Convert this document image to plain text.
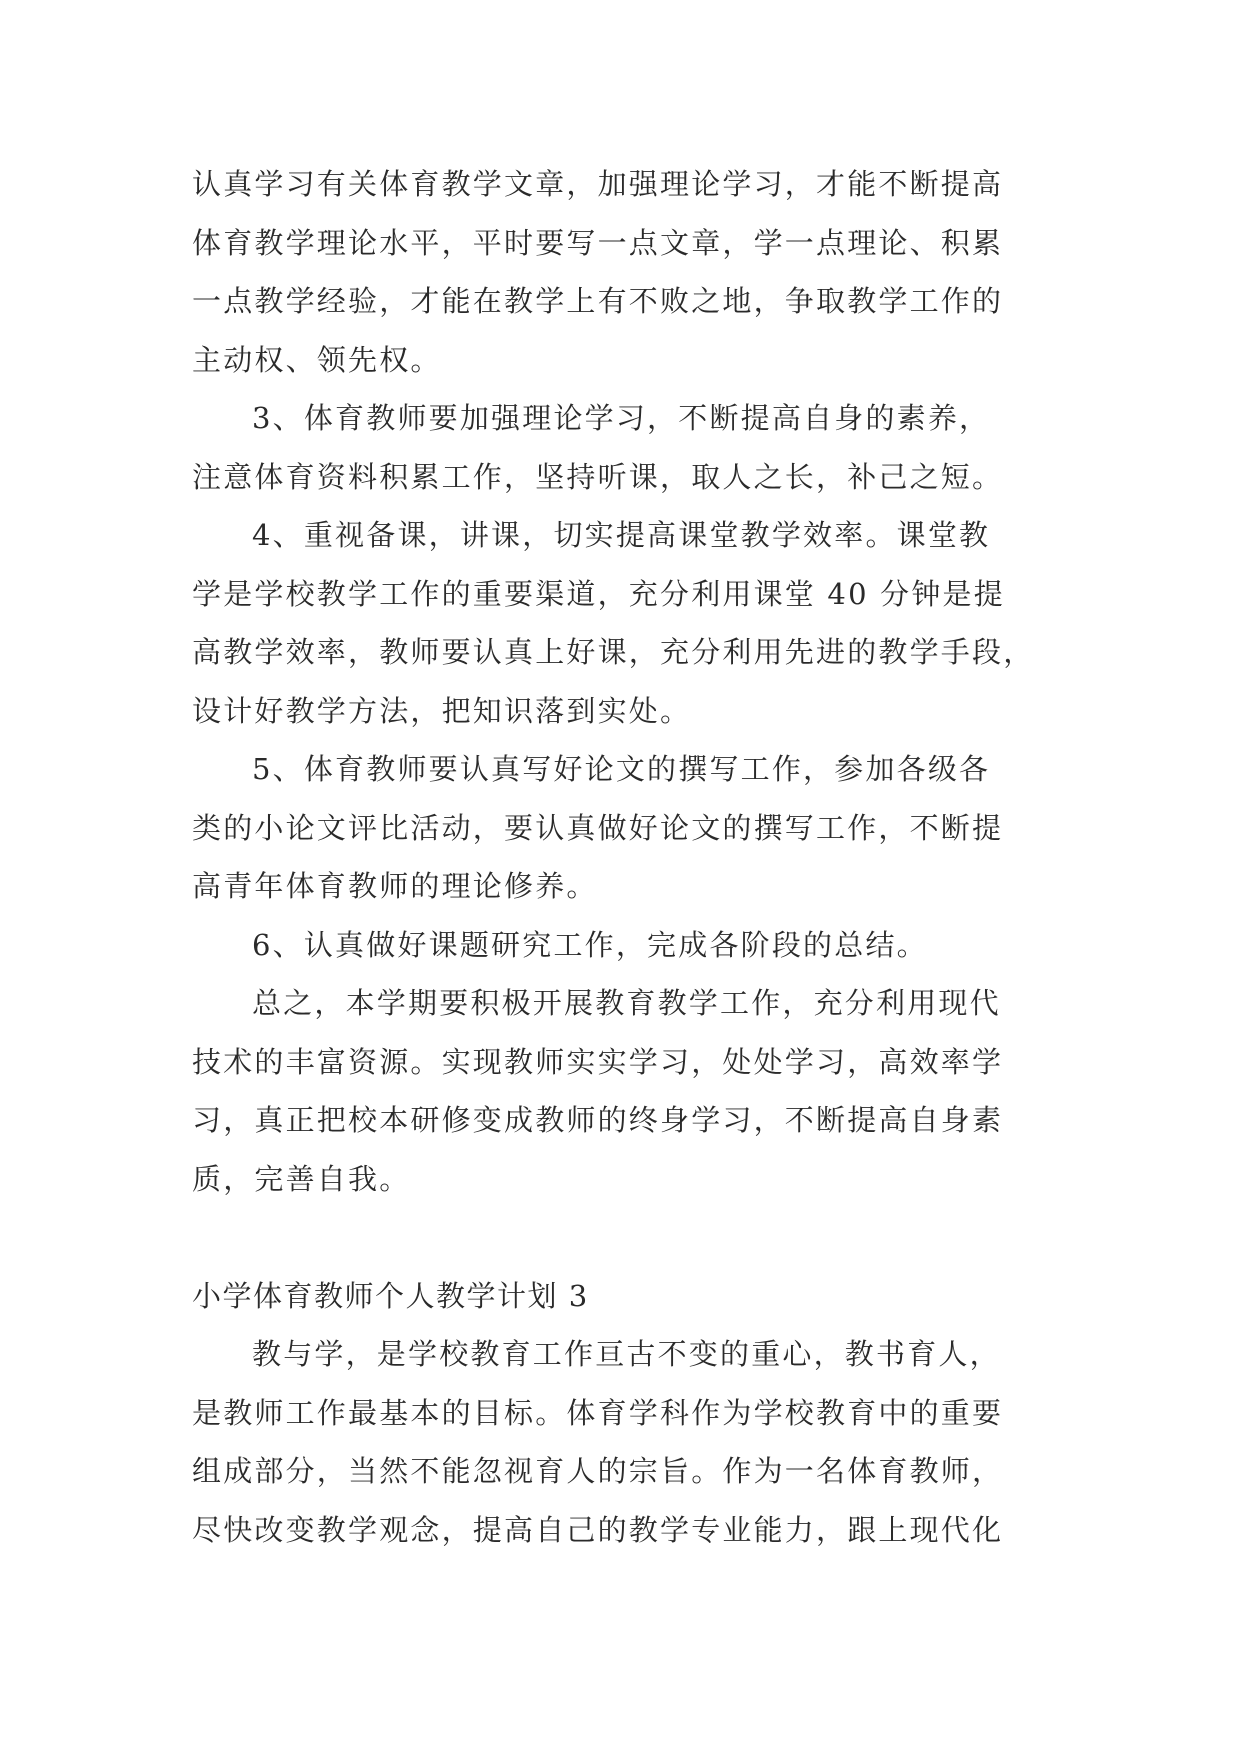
认真学习有关体育教学文章，加强理论学习，才能不断提高
体育教学理论水平，平时要写一点文章，学一点理论、积累
一点教学经验，才能在教学上有不败之地，争取教学工作的
主动权、领先权。
3、体育教师要加强理论学习，不断提高自身的素养，
注意体育资料积累工作，坚持听课，取人之长，补己之短。
4、重视备课，讲课，切实提高课堂教学效率。课堂教
学是学校教学工作的重要渠道，充分利用课堂 40 分钟是提
高教学效率，教师要认真上好课，充分利用先进的教学手段，
设计好教学方法，把知识落到实处。
5、体育教师要认真写好论文的撰写工作，参加各级各
类的小论文评比活动，要认真做好论文的撰写工作，不断提
高青年体育教师的理论修养。
6、认真做好课题研究工作，完成各阶段的总结。
总之，本学期要积极开展教育教学工作，充分利用现代
技术的丰富资源。实现教师实实学习，处处学习，高效率学
习，真正把校本研修变成教师的终身学习，不断提高自身素
质，完善自我。
小学体育教师个人教学计划 3
教与学，是学校教育工作亘古不变的重心，教书育人，
是教师工作最基本的目标。体育学科作为学校教育中的重要
组成部分，当然不能忽视育人的宗旨。作为一名体育教师，
尽快改变教学观念，提高自己的教学专业能力，跟上现代化
